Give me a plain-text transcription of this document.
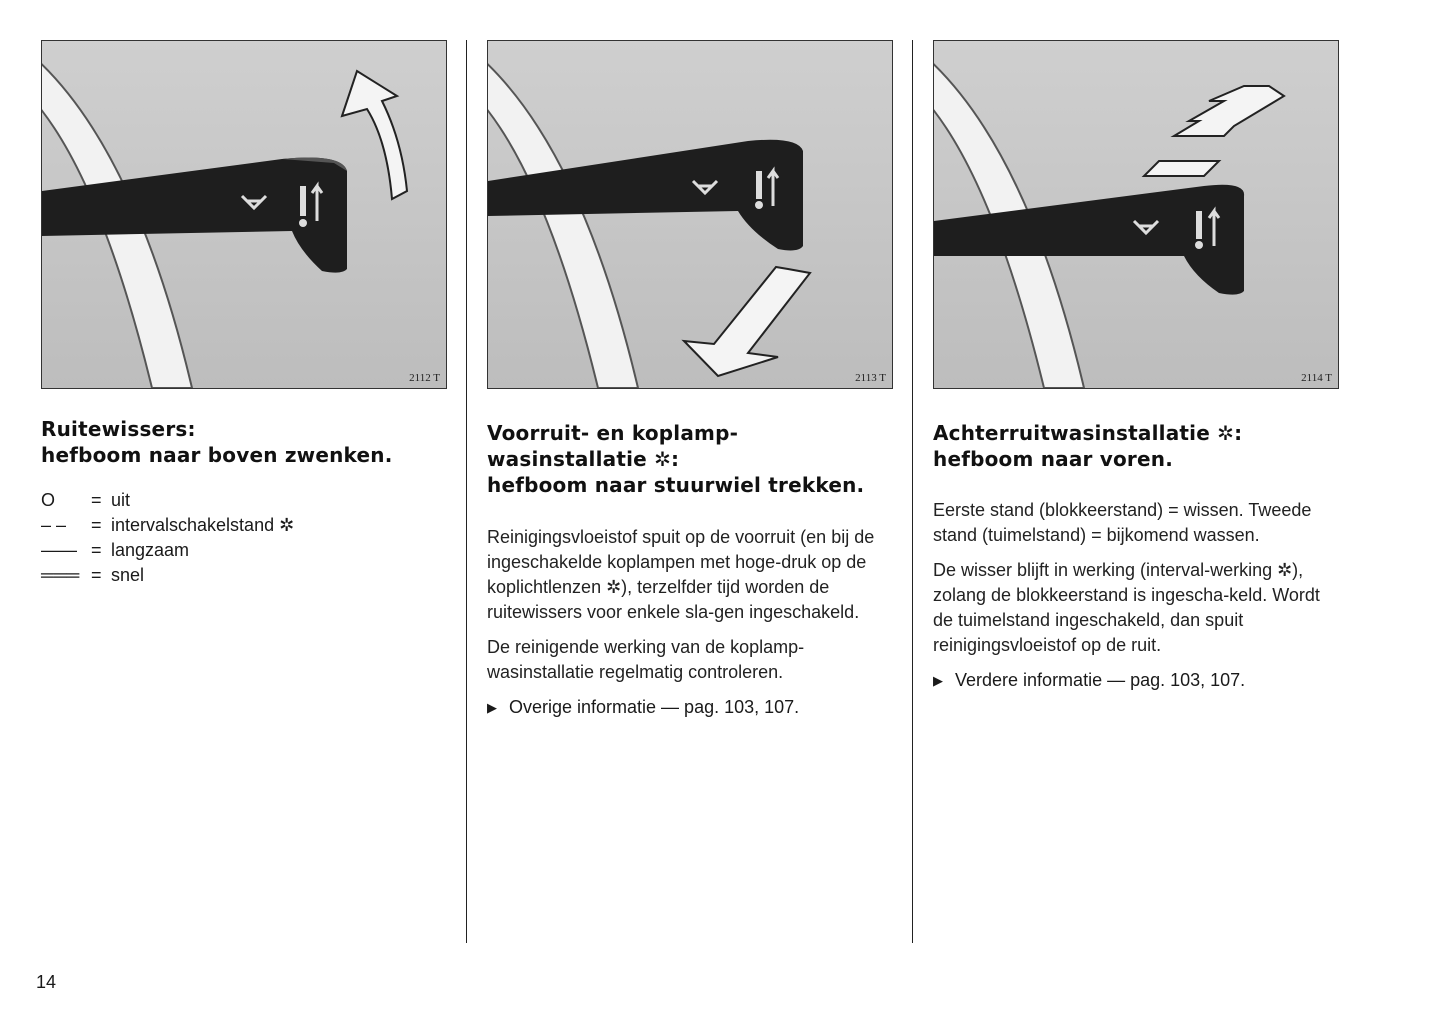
2112 T
Ruitewissers:
hefboom naar boven zwenken.
O	= uit
– –	= intervalschakelstand ✲
—— = langzaam
═══ = snel
2113 T
Voorruit- en koplamp-
wasinstallatie ✲:
hefboom naar stuurwiel trekken.

Reinigingsvloeistof spuit op de voorruit (en bij de ingeschakelde koplampen met hoge-druk op de koplichtlenzen ✲), terzelfder tijd worden de ruitewissers voor enkele sla-gen ingeschakeld.

De reinigende werking van de koplamp-wasinstallatie regelmatig controleren.

▶ Overige informatie — pag. 103, 107.
2114 T
Achterruitwasinstallatie ✲:
hefboom naar voren.

Eerste stand (blokkeerstand) = wissen. Tweede stand (tuimelstand) = bijkomend wassen.

De wisser blijft in werking (interval-werking ✲), zolang de blokkeerstand is ingescha-keld. Wordt de tuimelstand ingeschakeld, dan spuit reinigingsvloeistof op de ruit.

▶ Verdere informatie — pag. 103, 107.
14
